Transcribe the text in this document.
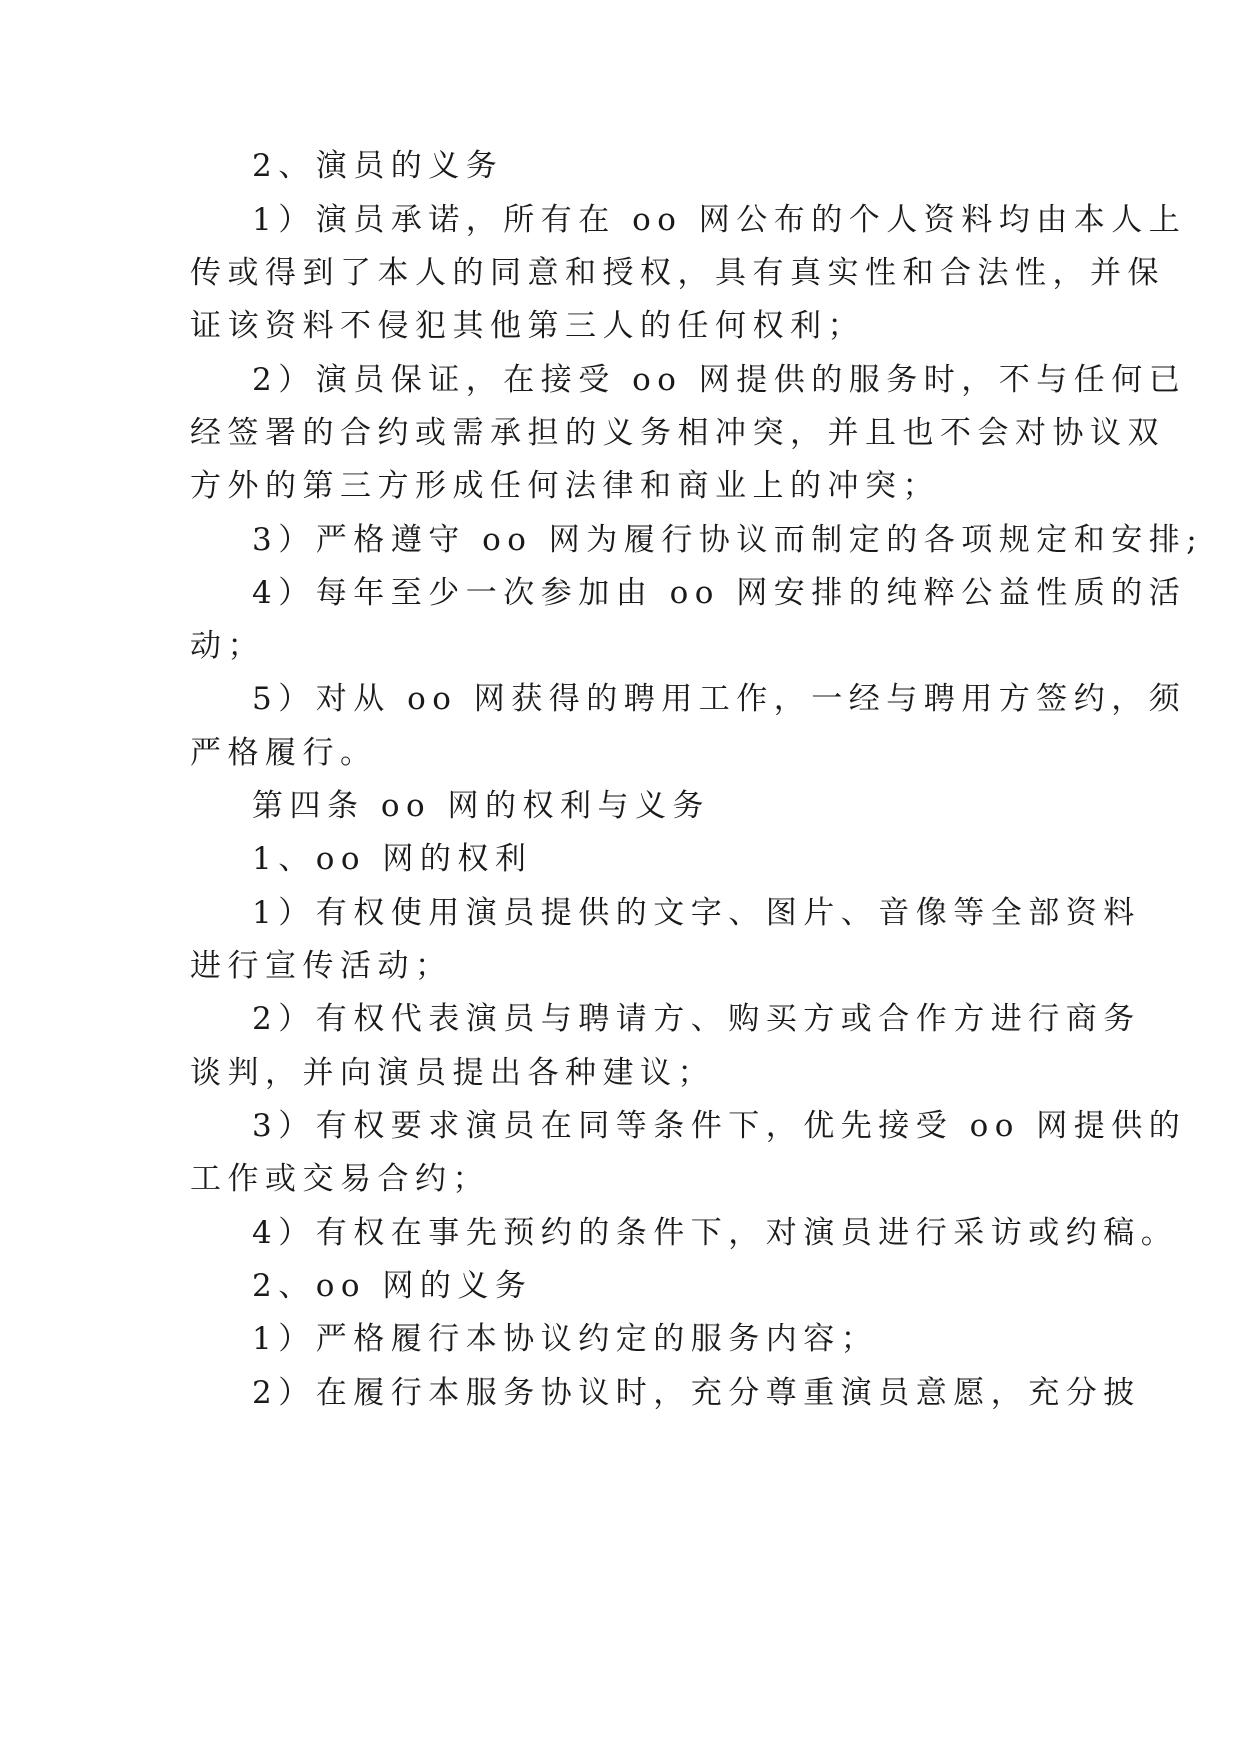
2、演员的义务
1）演员承诺，所有在 oo 网公布的个人资料均由本人上
传或得到了本人的同意和授权，具有真实性和合法性，并保
证该资料不侵犯其他第三人的任何权利；
2）演员保证，在接受 oo 网提供的服务时，不与任何已
经签署的合约或需承担的义务相冲突，并且也不会对协议双
方外的第三方形成任何法律和商业上的冲突；
3）严格遵守 oo 网为履行协议而制定的各项规定和安排;
4）每年至少一次参加由 oo 网安排的纯粹公益性质的活
动；
5）对从 oo 网获得的聘用工作，一经与聘用方签约，须
严格履行。
第四条 oo 网的权利与义务
1、oo 网的权利
1）有权使用演员提供的文字、图片、音像等全部资料
进行宣传活动；
2）有权代表演员与聘请方、购买方或合作方进行商务
谈判，并向演员提出各种建议；
3）有权要求演员在同等条件下，优先接受 oo 网提供的
工作或交易合约；
4）有权在事先预约的条件下，对演员进行采访或约稿。
2、oo 网的义务
1）严格履行本协议约定的服务内容；
2）在履行本服务协议时，充分尊重演员意愿，充分披
